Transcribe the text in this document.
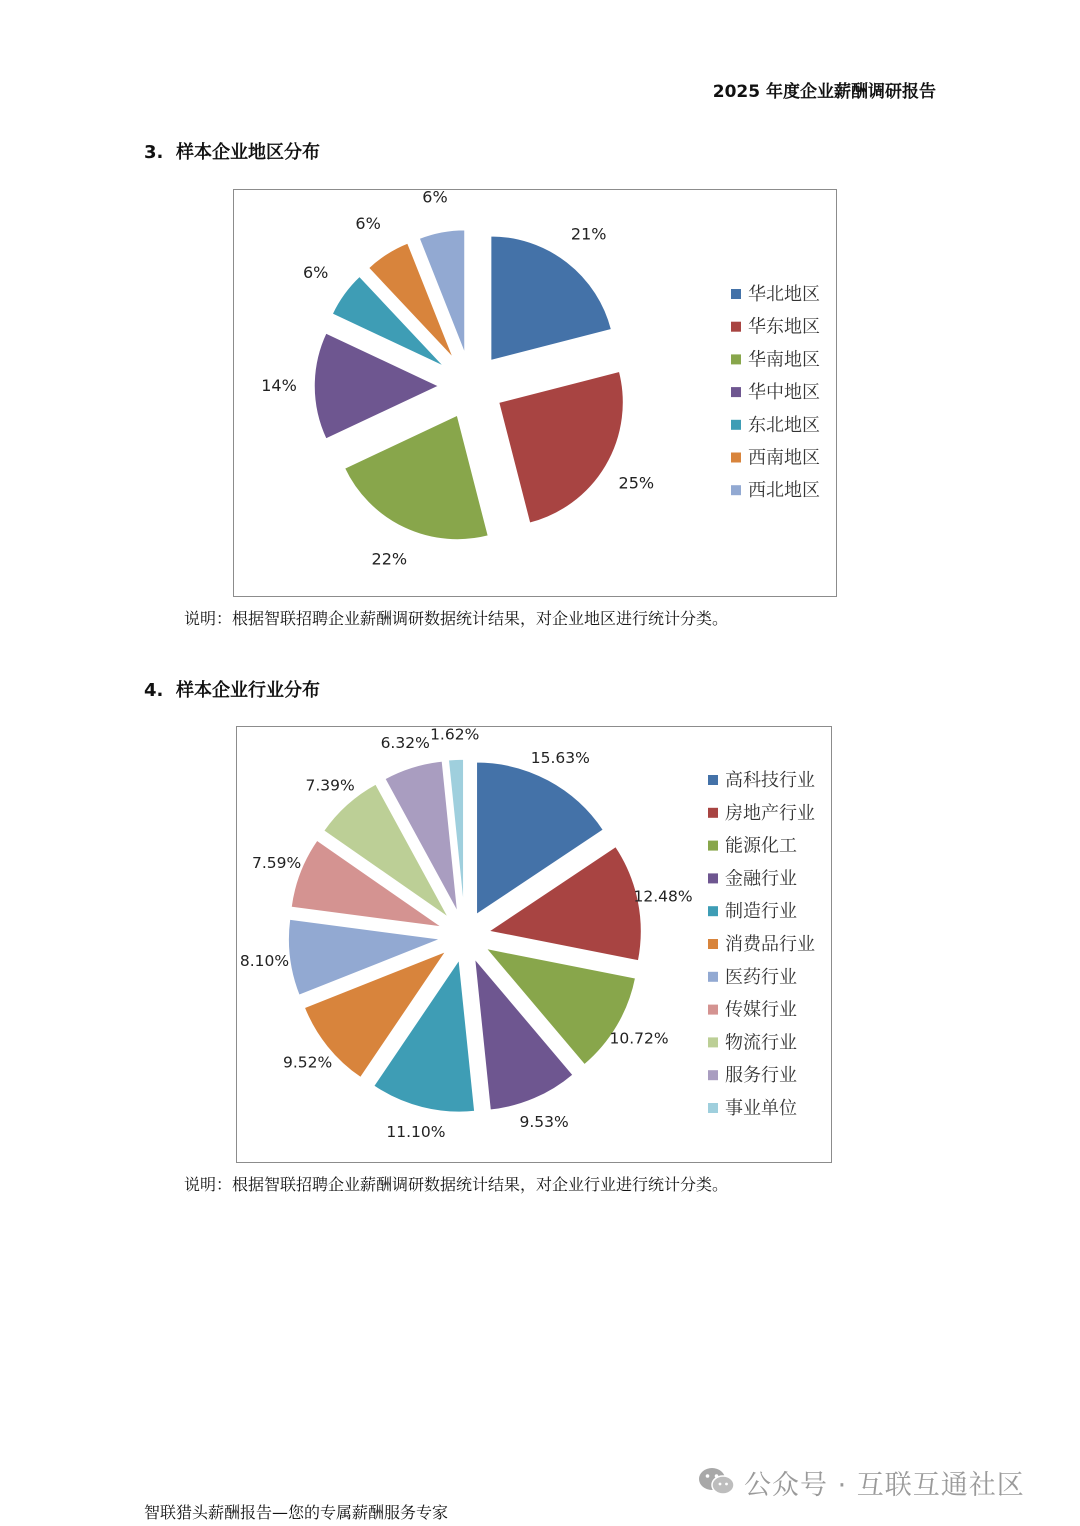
2025 年度企业薪酬调研报告
3. 样本企业地区分布
21%
25%
22%
14%
6%
6%
6%
华北地区
华东地区
华南地区
华中地区
东北地区
西南地区
西北地区
说明：根据智联招聘企业薪酬调研数据统计结果，对企业地区进行统计分类。
4. 样本企业行业分布
15.63%
12.48%
10.72%
9.53%
11.10%
9.52%
8.10%
7.59%
7.39%
6.32% 1.62%
高科技行业
房地产行业
能源化工
金融行业
制造行业
消费品行业
医药行业
传媒行业
物流行业
服务行业
事业单位
说明：根据智联招聘企业薪酬调研数据统计结果，对企业行业进行统计分类。
公众号 · 互联互通社区
智联猎头薪酬报告—您的专属薪酬服务专家
